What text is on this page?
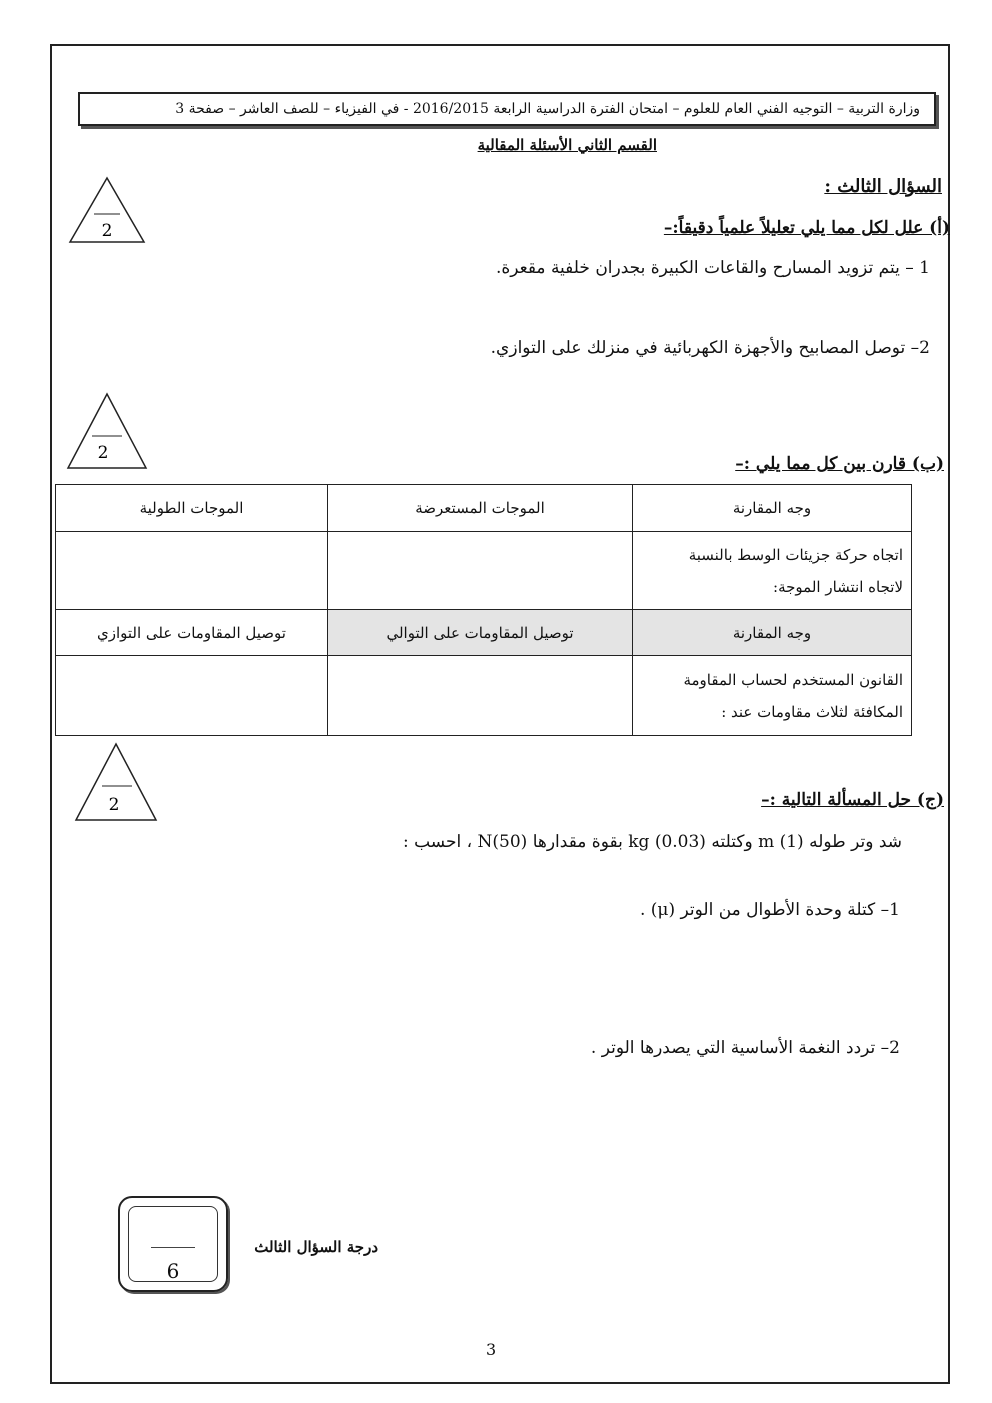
وزارة التربية – التوجيه الفني العام للعلوم – امتحان الفترة الدراسية الرابعة 2016/2015 - في الفيزياء – للصف العاشر – صفحة 3
القسم الثاني الأسئلة المقالية
السؤال الثالث :
2	(أ) علل لكل مما يلي تعليلاً علمياً دقيقاً:–
1 – يتم تزويد المسارح والقاعات الكبيرة بجدران خلفية مقعرة.
2– توصل المصابيح والأجهزة الكهربائية في منزلك على التوازي.
2
(ب) قارن بين كل مما يلي :–
وجه المقارنة	الموجات المستعرضة	الموجات الطولية

اتجاه حركة جزيئات الوسط بالنسبة
لاتجاه انتشار الموجة:		

وجه المقارنة	توصيل المقاومات على التوالي	توصيل المقاومات على التوازي

القانون المستخدم لحساب المقاومة
المكافئة لثلاث مقاومات عند :		

2	(ج) حل المسألة التالية :–
شد وتر طوله m (1) وكتلته kg (0.03) بقوة مقدارها N(50) ، احسب :
1– كتلة وحدة الأطوال من الوتر (μ) .
2– تردد النغمة الأساسية التي يصدرها الوتر .
6
درجة السؤال الثالث
3
